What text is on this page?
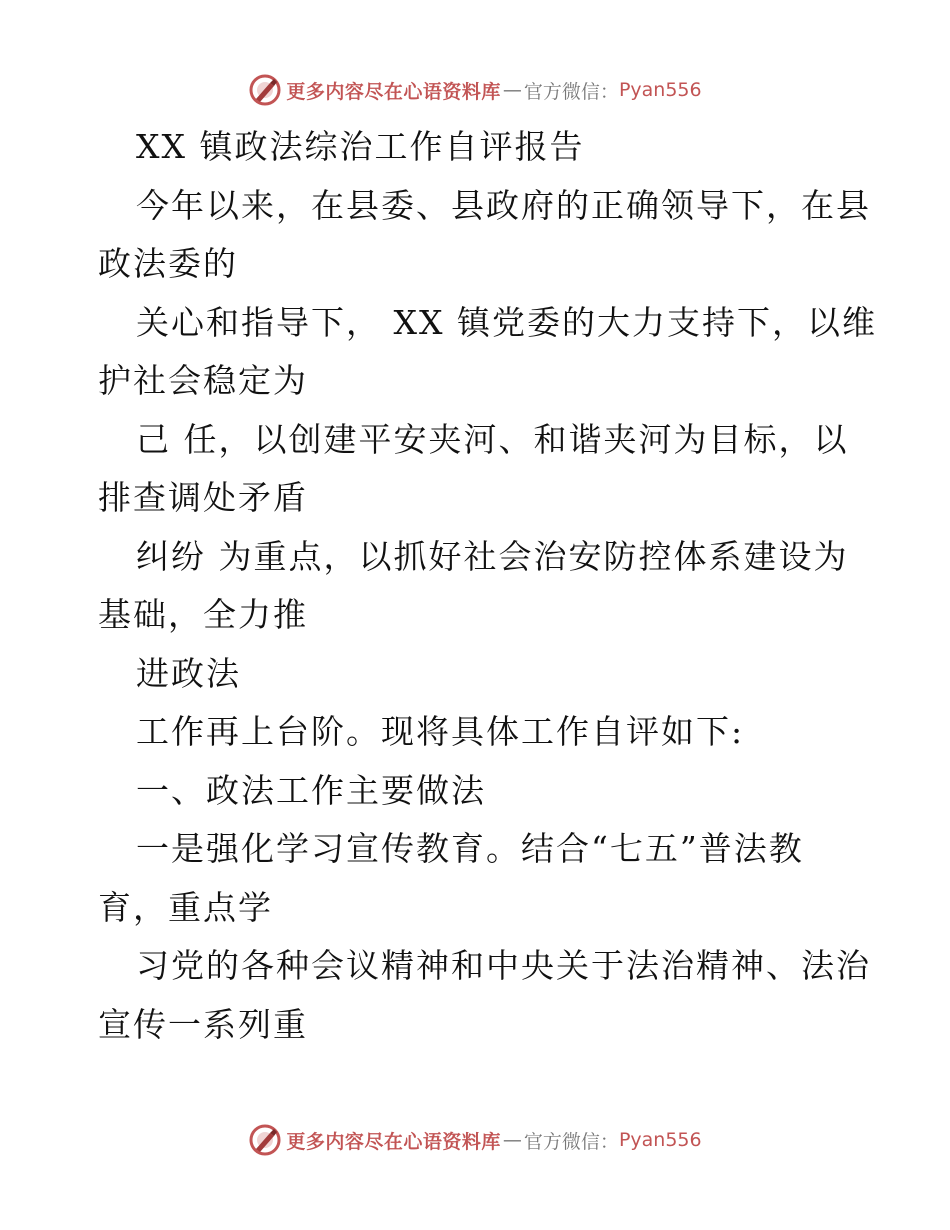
更多内容尽在心语资料库 — 官方微信： Pyan556
XX 镇政法综治工作自评报告
今年以来，在县委、县政府的正确领导下，在县
政法委的
关心和指导下， XX 镇党委的大力支持下，以维
护社会稳定为
己 任，以创建平安夹河、和谐夹河为目标，以
排查调处矛盾
纠纷 为重点，以抓好社会治安防控体系建设为
基础，全力推
进政法
工作再上台阶。现将具体工作自评如下:
一、政法工作主要做法
一是强化学习宣传教育。结合“七五”普法教
育，重点学
习党的各种会议精神和中央关于法治精神、法治
宣传一系列重
更多内容尽在心语资料库 — 官方微信： Pyan556
